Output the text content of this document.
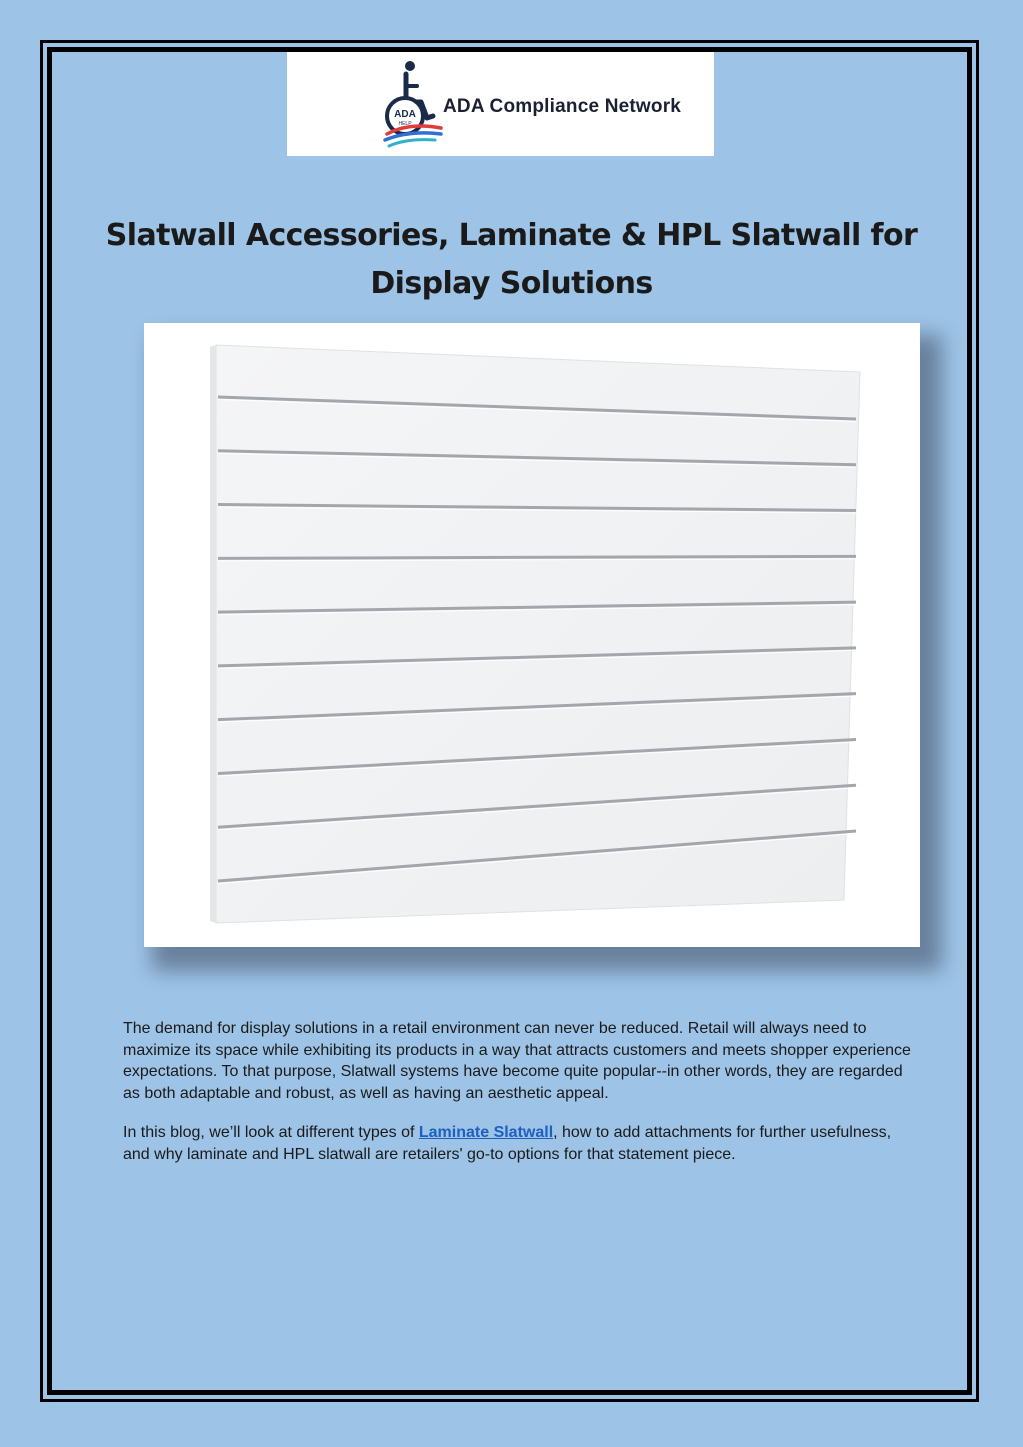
ADA
HELP
ADA Compliance Network
Slatwall Accessories, Laminate & HPL Slatwall for Display Solutions

The demand for display solutions in a retail environment can never be reduced. Retail will always need to maximize its space while exhibiting its products in a way that attracts customers and meets shopper experience expectations. To that purpose, Slatwall systems have become quite popular--in other words, they are regarded as both adaptable and robust, as well as having an aesthetic appeal.

In this blog, we’ll look at different types of Laminate Slatwall, how to add attachments for further usefulness, and why laminate and HPL slatwall are retailers' go-to options for that statement piece.
